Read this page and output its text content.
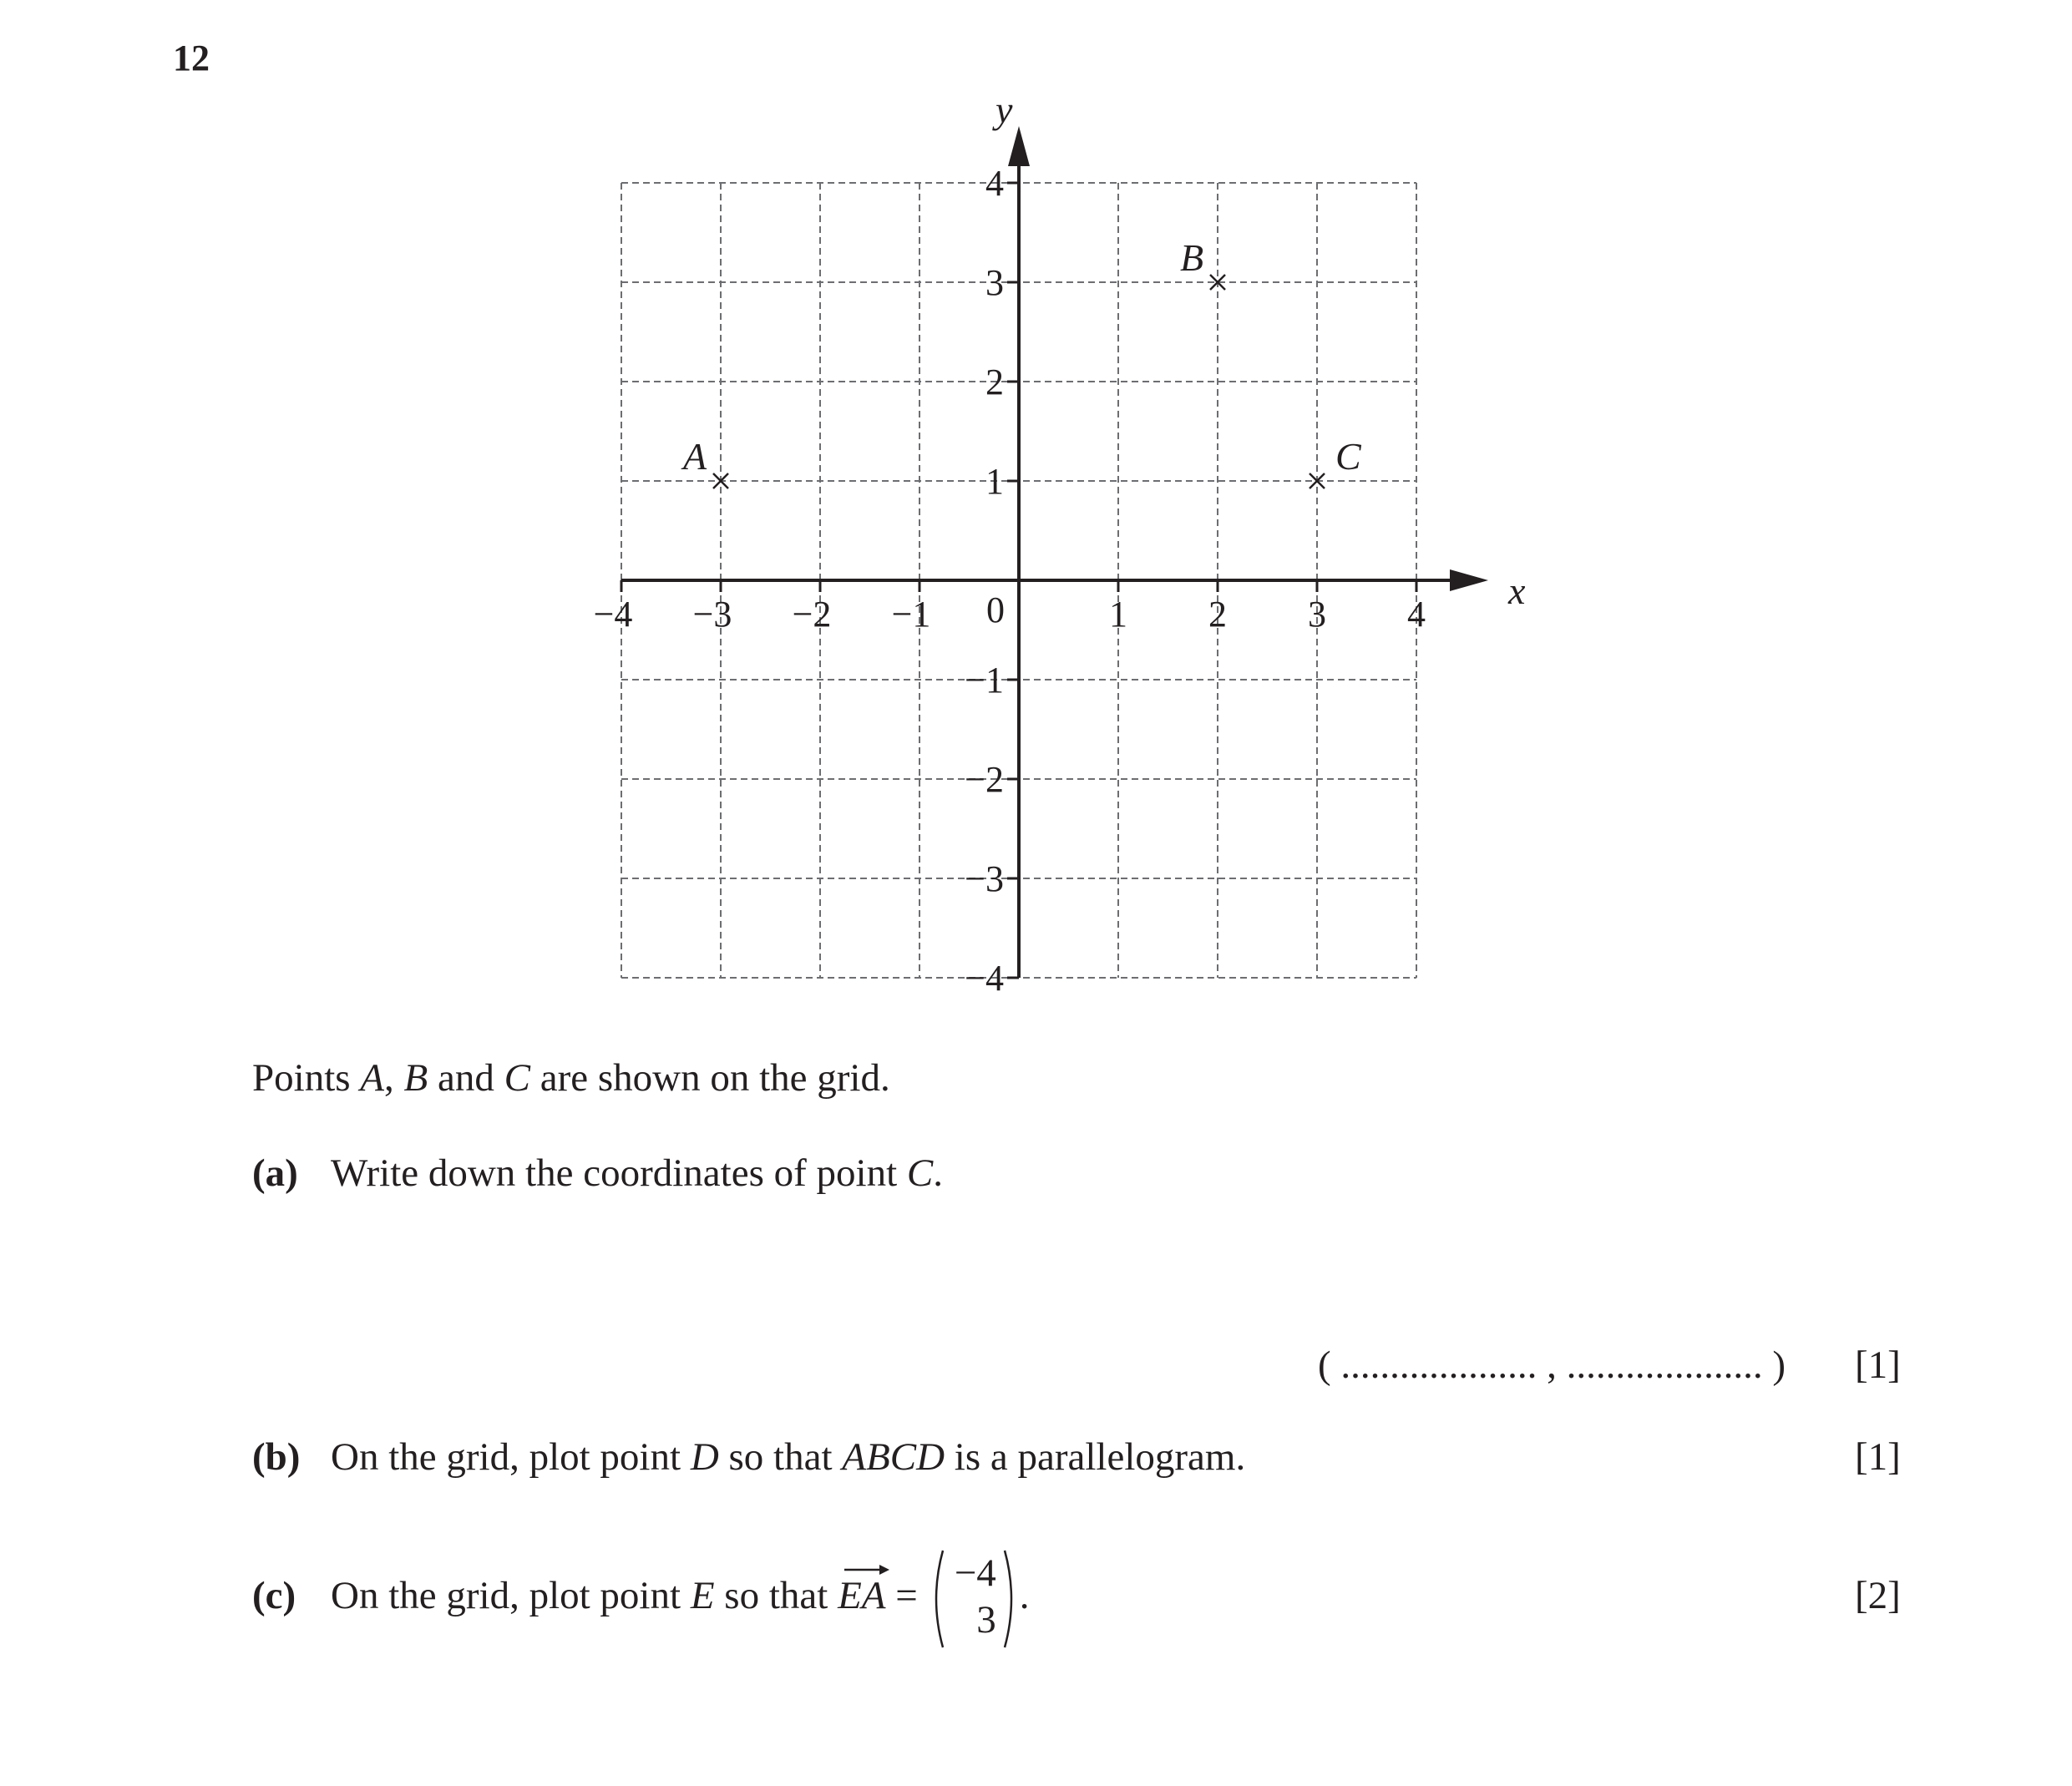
12
x
y
−4 −3 −2 −1	1 2 3 4
0
−4
−3
−2
−1
1
2
3
4
A
B
C
Points A, B and C are shown on the grid.
(a) Write down the coordinates of point C.
( .................... , .................... ) [1]
(b) On the grid, plot point D so that ABCD is a parallelogram.	[1]
(c) On the grid, plot point E so that
EA =
−4
3
.	[2]
